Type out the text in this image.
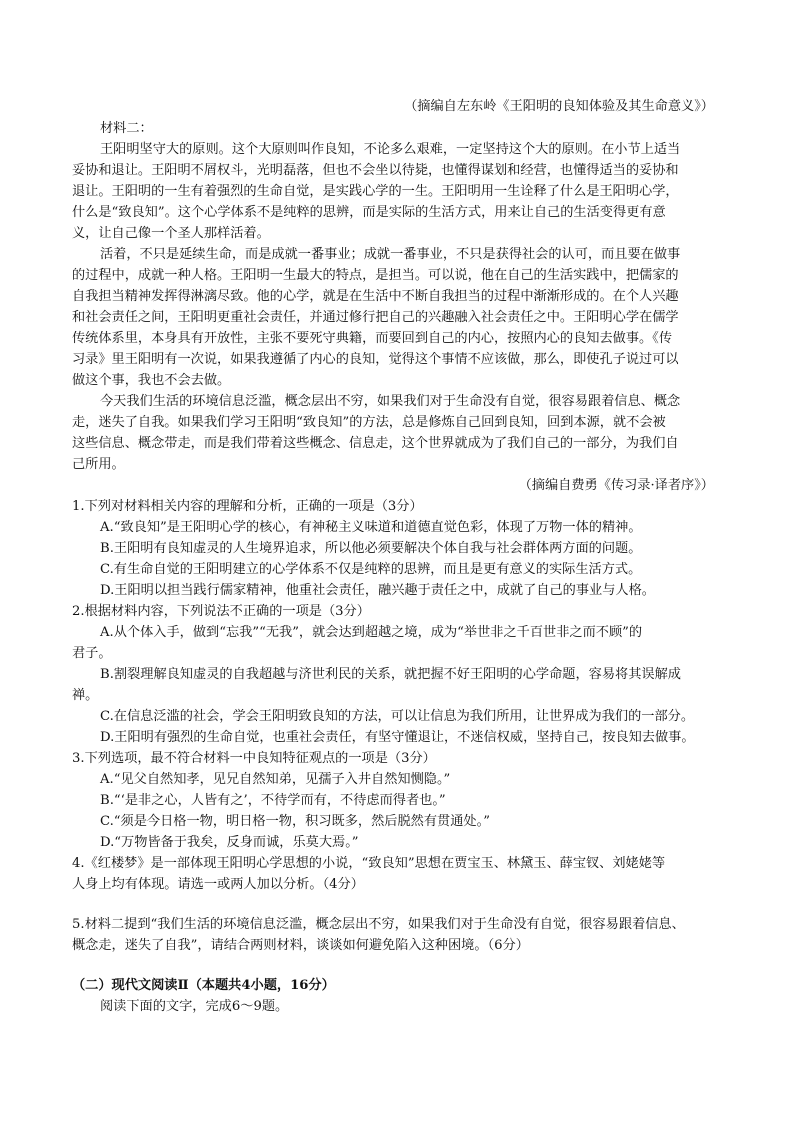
（摘编自左东岭《王阳明的良知体验及其生命意义》）
材料二：
王阳明坚守大的原则。这个大原则叫作良知，不论多么艰难，一定坚持这个大的原则。在小节上适当
妥协和退让。王阳明不屑权斗，光明磊落，但也不会坐以待毙，也懂得谋划和经营，也懂得适当的妥协和
退让。王阳明的一生有着强烈的生命自觉，是实践心学的一生。王阳明用一生诠释了什么是王阳明心学，
什么是“致良知”。这个心学体系不是纯粹的思辨，而是实际的生活方式，用来让自己的生活变得更有意
义，让自己像一个圣人那样活着。
活着，不只是延续生命，而是成就一番事业；成就一番事业，不只是获得社会的认可，而且要在做事
的过程中，成就一种人格。王阳明一生最大的特点，是担当。可以说，他在自己的生活实践中，把儒家的
自我担当精神发挥得淋漓尽致。他的心学，就是在生活中不断自我担当的过程中渐渐形成的。在个人兴趣
和社会责任之间，王阳明更重社会责任，并通过修行把自己的兴趣融入社会责任之中。王阳明心学在儒学
传统体系里，本身具有开放性，主张不要死守典籍，而要回到自己的内心，按照内心的良知去做事。《传
习录》里王阳明有一次说，如果我遵循了内心的良知，觉得这个事情不应该做，那么，即使孔子说过可以
做这个事，我也不会去做。
今天我们生活的环境信息泛滥，概念层出不穷，如果我们对于生命没有自觉，很容易跟着信息、概念
走，迷失了自我。如果我们学习王阳明“致良知”的方法，总是修炼自己回到良知，回到本源，就不会被
这些信息、概念带走，而是我们带着这些概念、信息走，这个世界就成为了我们自己的一部分，为我们自
己所用。
（摘编自费勇《传习录·译者序》）
1.下列对材料相关内容的理解和分析，正确的一项是（3分）
A.“致良知”是王阳明心学的核心，有神秘主义味道和道德直觉色彩，体现了万物一体的精神。
B.王阳明有良知虚灵的人生境界追求，所以他必须要解决个体自我与社会群体两方面的问题。
C.有生命自觉的王阳明建立的心学体系不仅是纯粹的思辨，而且是更有意义的实际生活方式。
D.王阳明以担当践行儒家精神，他重社会责任，融兴趣于责任之中，成就了自己的事业与人格。
2.根据材料内容，下列说法不正确的一项是（3分）
A.从个体入手，做到“忘我”“无我”，就会达到超越之境，成为“举世非之千百世非之而不顾”的
君子。
B.割裂理解良知虚灵的自我超越与济世利民的关系，就把握不好王阳明的心学命题，容易将其误解成
禅。
C.在信息泛滥的社会，学会王阳明致良知的方法，可以让信息为我们所用，让世界成为我们的一部分。
D.王阳明有强烈的生命自觉，也重社会责任，有坚守懂退让，不迷信权威，坚持自己，按良知去做事。
3.下列选项，最不符合材料一中良知特征观点的一项是（3分）
A.“见父自然知孝，见兄自然知弟，见孺子入井自然知恻隐。”
B.“‘是非之心，人皆有之’，不待学而有，不待虑而得者也。”
C.“须是今日格一物，明日格一物，积习既多，然后脱然有贯通处。”
D.“万物皆备于我矣，反身而诚，乐莫大焉。”
4.《红楼梦》是一部体现王阳明心学思想的小说，“致良知”思想在贾宝玉、林黛玉、薛宝钗、刘姥姥等
人身上均有体现。请选一或两人加以分析。（4分）
5.材料二提到“我们生活的环境信息泛滥，概念层出不穷，如果我们对于生命没有自觉，很容易跟着信息、
概念走，迷失了自我”，请结合两则材料，谈谈如何避免陷入这种困境。（6分）
（二）现代文阅读Ⅱ（本题共4小题，16分）
阅读下面的文字，完成6～9题。
